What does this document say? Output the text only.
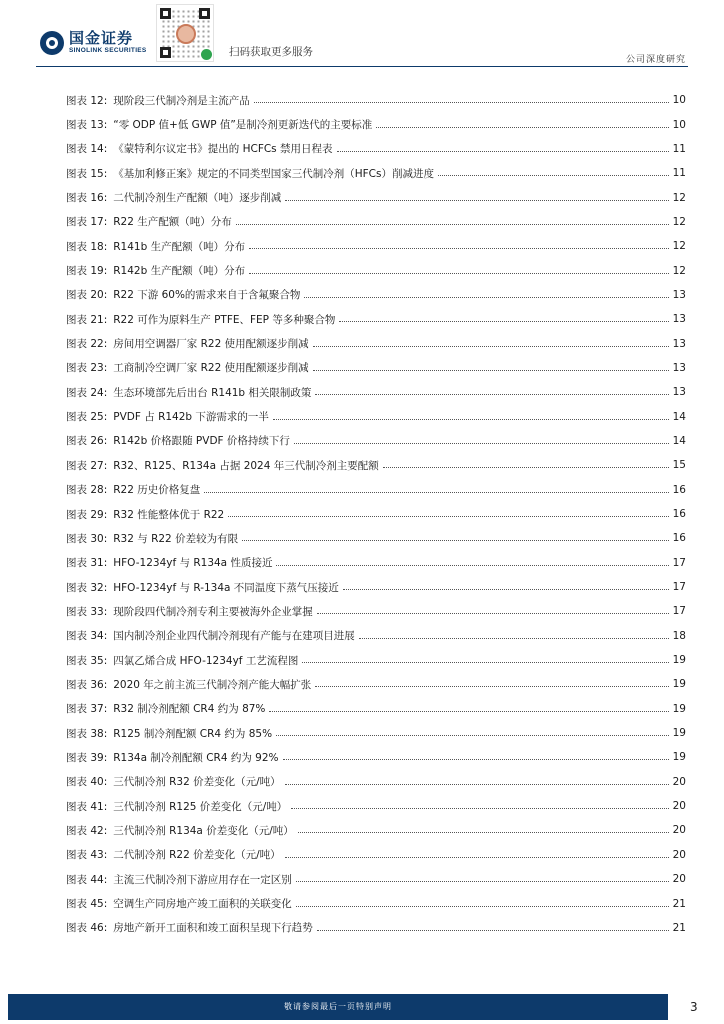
国金证券
SINOLINK SECURITIES	扫码获取更多服务
公司深度研究
图表 12: 现阶段三代制冷剂是主流产品	10
图表 13: “零 ODP 值+低 GWP 值”是制冷剂更新迭代的主要标准	10
图表 14: 《蒙特利尔议定书》提出的 HCFCs 禁用日程表	11
图表 15: 《基加利修正案》规定的不同类型国家三代制冷剂（HFCs）削减进度	11
图表 16: 二代制冷剂生产配额（吨）逐步削减	12
图表 17: R22 生产配额（吨）分布	12
图表 18: R141b 生产配额（吨）分布	12
图表 19: R142b 生产配额（吨）分布	12
图表 20: R22 下游 60%的需求来自于含氟聚合物	13
图表 21: R22 可作为原料生产 PTFE、FEP 等多种聚合物	13
图表 22: 房间用空调器厂家 R22 使用配额逐步削减	13
图表 23: 工商制冷空调厂家 R22 使用配额逐步削减	13
图表 24: 生态环境部先后出台 R141b 相关限制政策	13
图表 25: PVDF 占 R142b 下游需求的一半	14
图表 26: R142b 价格跟随 PVDF 价格持续下行	14
图表 27: R32、R125、R134a 占据 2024 年三代制冷剂主要配额	15
图表 28: R22 历史价格复盘	16
图表 29: R32 性能整体优于 R22	16
图表 30: R32 与 R22 价差较为有限	16
图表 31: HFO-1234yf 与 R134a 性质接近	17
图表 32: HFO-1234yf 与 R-134a 不同温度下蒸气压接近	17
图表 33: 现阶段四代制冷剂专利主要被海外企业掌握	17
图表 34: 国内制冷剂企业四代制冷剂现有产能与在建项目进展	18
图表 35: 四氯乙烯合成 HFO-1234yf 工艺流程图	19
图表 36: 2020 年之前主流三代制冷剂产能大幅扩张	19
图表 37: R32 制冷剂配额 CR4 约为 87%	19
图表 38: R125 制冷剂配额 CR4 约为 85%	19
图表 39: R134a 制冷剂配额 CR4 约为 92%	19
图表 40: 三代制冷剂 R32 价差变化（元/吨）	20
图表 41: 三代制冷剂 R125 价差变化（元/吨）	20
图表 42: 三代制冷剂 R134a 价差变化（元/吨）	20
图表 43: 二代制冷剂 R22 价差变化（元/吨）	20
图表 44: 主流三代制冷剂下游应用存在一定区别	20
图表 45: 空调生产同房地产竣工面积的关联变化	21
图表 46: 房地产新开工面积和竣工面积呈现下行趋势	21
敬请参阅最后一页特别声明	3
